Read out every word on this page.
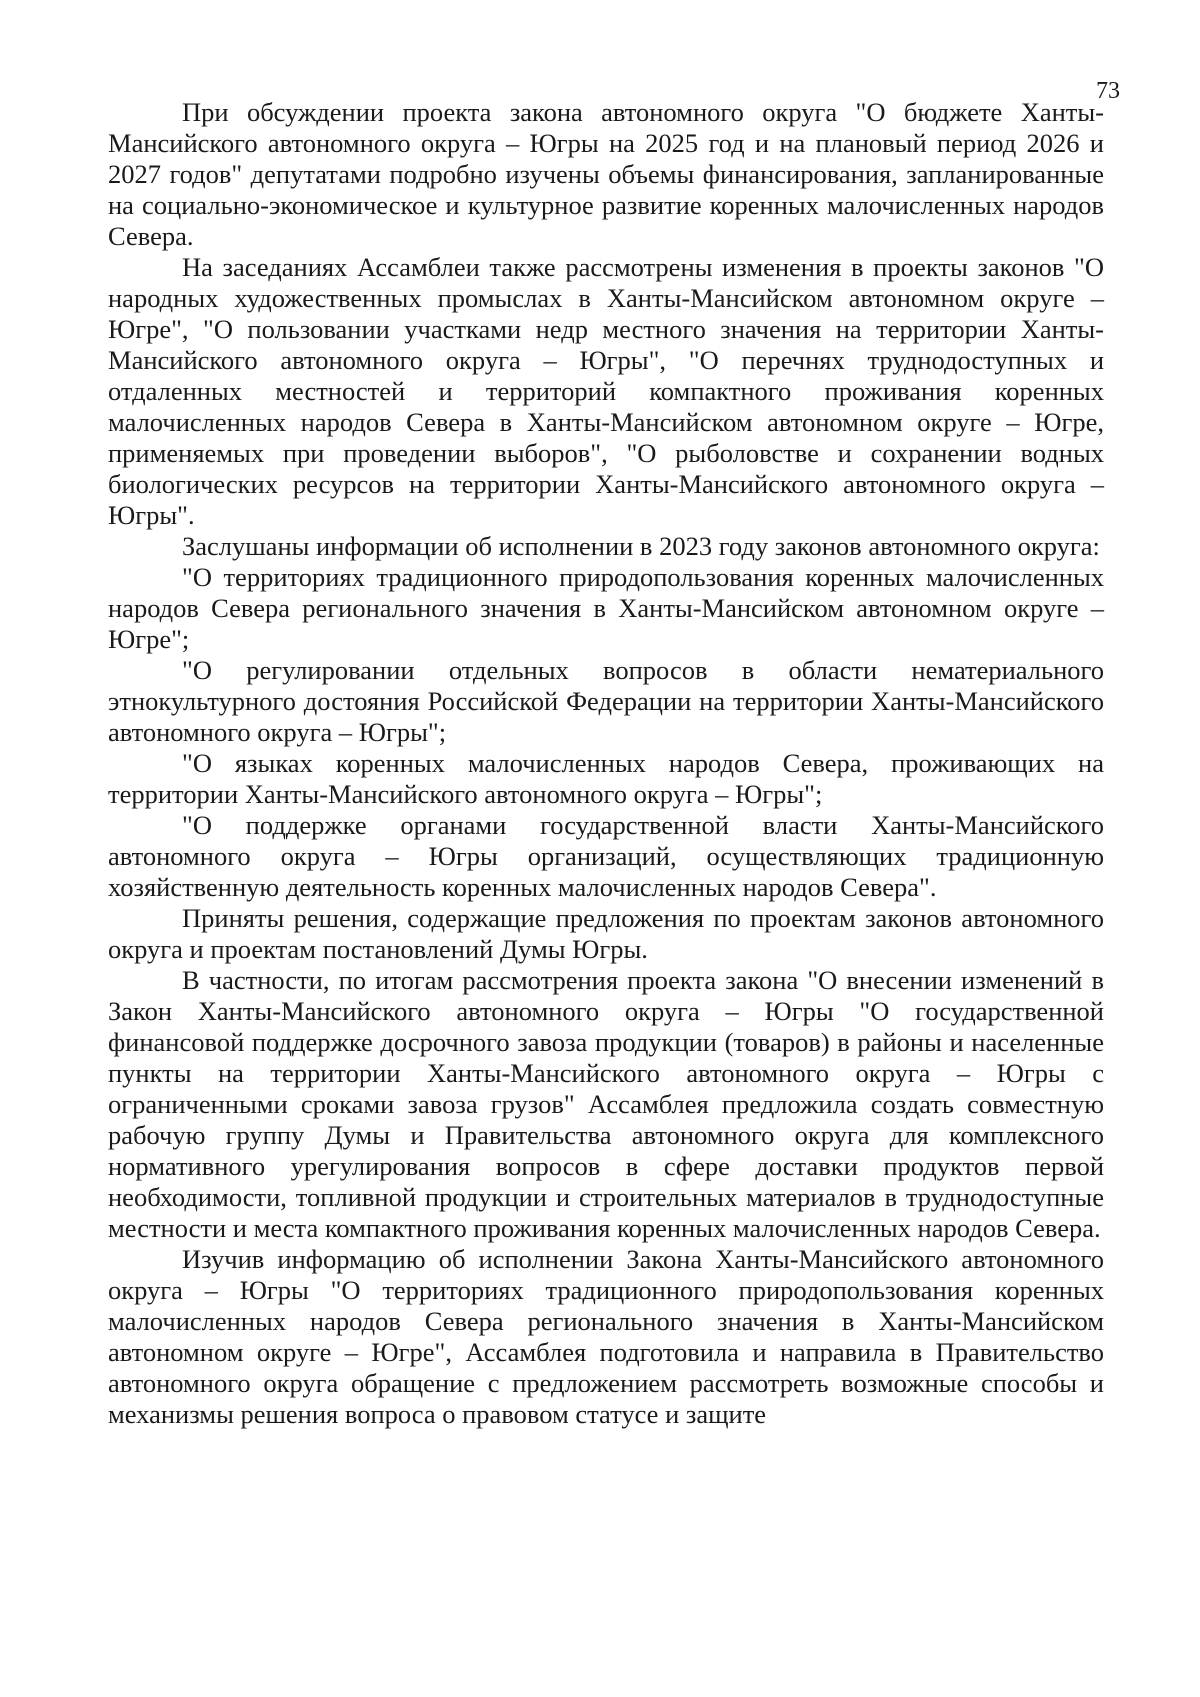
73

При обсуждении проекта закона автономного округа "О бюджете Ханты-Мансийского автономного округа – Югры на 2025 год и на плановый период 2026 и 2027 годов" депутатами подробно изучены объемы финансирования, запланированные на социально-экономическое и культурное развитие коренных малочисленных народов Севера.

На заседаниях Ассамблеи также рассмотрены изменения в проекты законов "О народных художественных промыслах в Ханты-Мансийском автономном округе – Югре", "О пользовании участками недр местного значения на территории Ханты-Мансийского автономного округа – Югры", "О перечнях труднодоступных и отдаленных местностей и территорий компактного проживания коренных малочисленных народов Севера в Ханты-Мансийском автономном округе – Югре, применяемых при проведении выборов", "О рыболовстве и сохранении водных биологических ресурсов на территории Ханты-Мансийского автономного округа – Югры".

Заслушаны информации об исполнении в 2023 году законов автономного округа:

"О территориях традиционного природопользования коренных малочисленных народов Севера регионального значения в Ханты-Мансийском автономном округе – Югре";

"О регулировании отдельных вопросов в области нематериального этнокультурного достояния Российской Федерации на территории Ханты-Мансийского автономного округа – Югры";

"О языках коренных малочисленных народов Севера, проживающих на территории Ханты-Мансийского автономного округа – Югры";

"О поддержке органами государственной власти Ханты-Мансийского автономного округа – Югры организаций, осуществляющих традиционную хозяйственную деятельность коренных малочисленных народов Севера".

Приняты решения, содержащие предложения по проектам законов автономного округа и проектам постановлений Думы Югры.

В частности, по итогам рассмотрения проекта закона "О внесении изменений в Закон Ханты-Мансийского автономного округа – Югры "О государственной финансовой поддержке досрочного завоза продукции (товаров) в районы и населенные пункты на территории Ханты-Мансийского автономного округа – Югры с ограниченными сроками завоза грузов" Ассамблея предложила создать совместную рабочую группу Думы и Правительства автономного округа для комплексного нормативного урегулирования вопросов в сфере доставки продуктов первой необходимости, топливной продукции и строительных материалов в труднодоступные местности и места компактного проживания коренных малочисленных народов Севера.

Изучив информацию об исполнении Закона Ханты-Мансийского автономного округа – Югры "О территориях традиционного природопользования коренных малочисленных народов Севера регионального значения в Ханты-Мансийском автономном округе – Югре", Ассамблея подготовила и направила в Правительство автономного округа обращение с предложением рассмотреть возможные способы и механизмы решения вопроса о правовом статусе и защите
